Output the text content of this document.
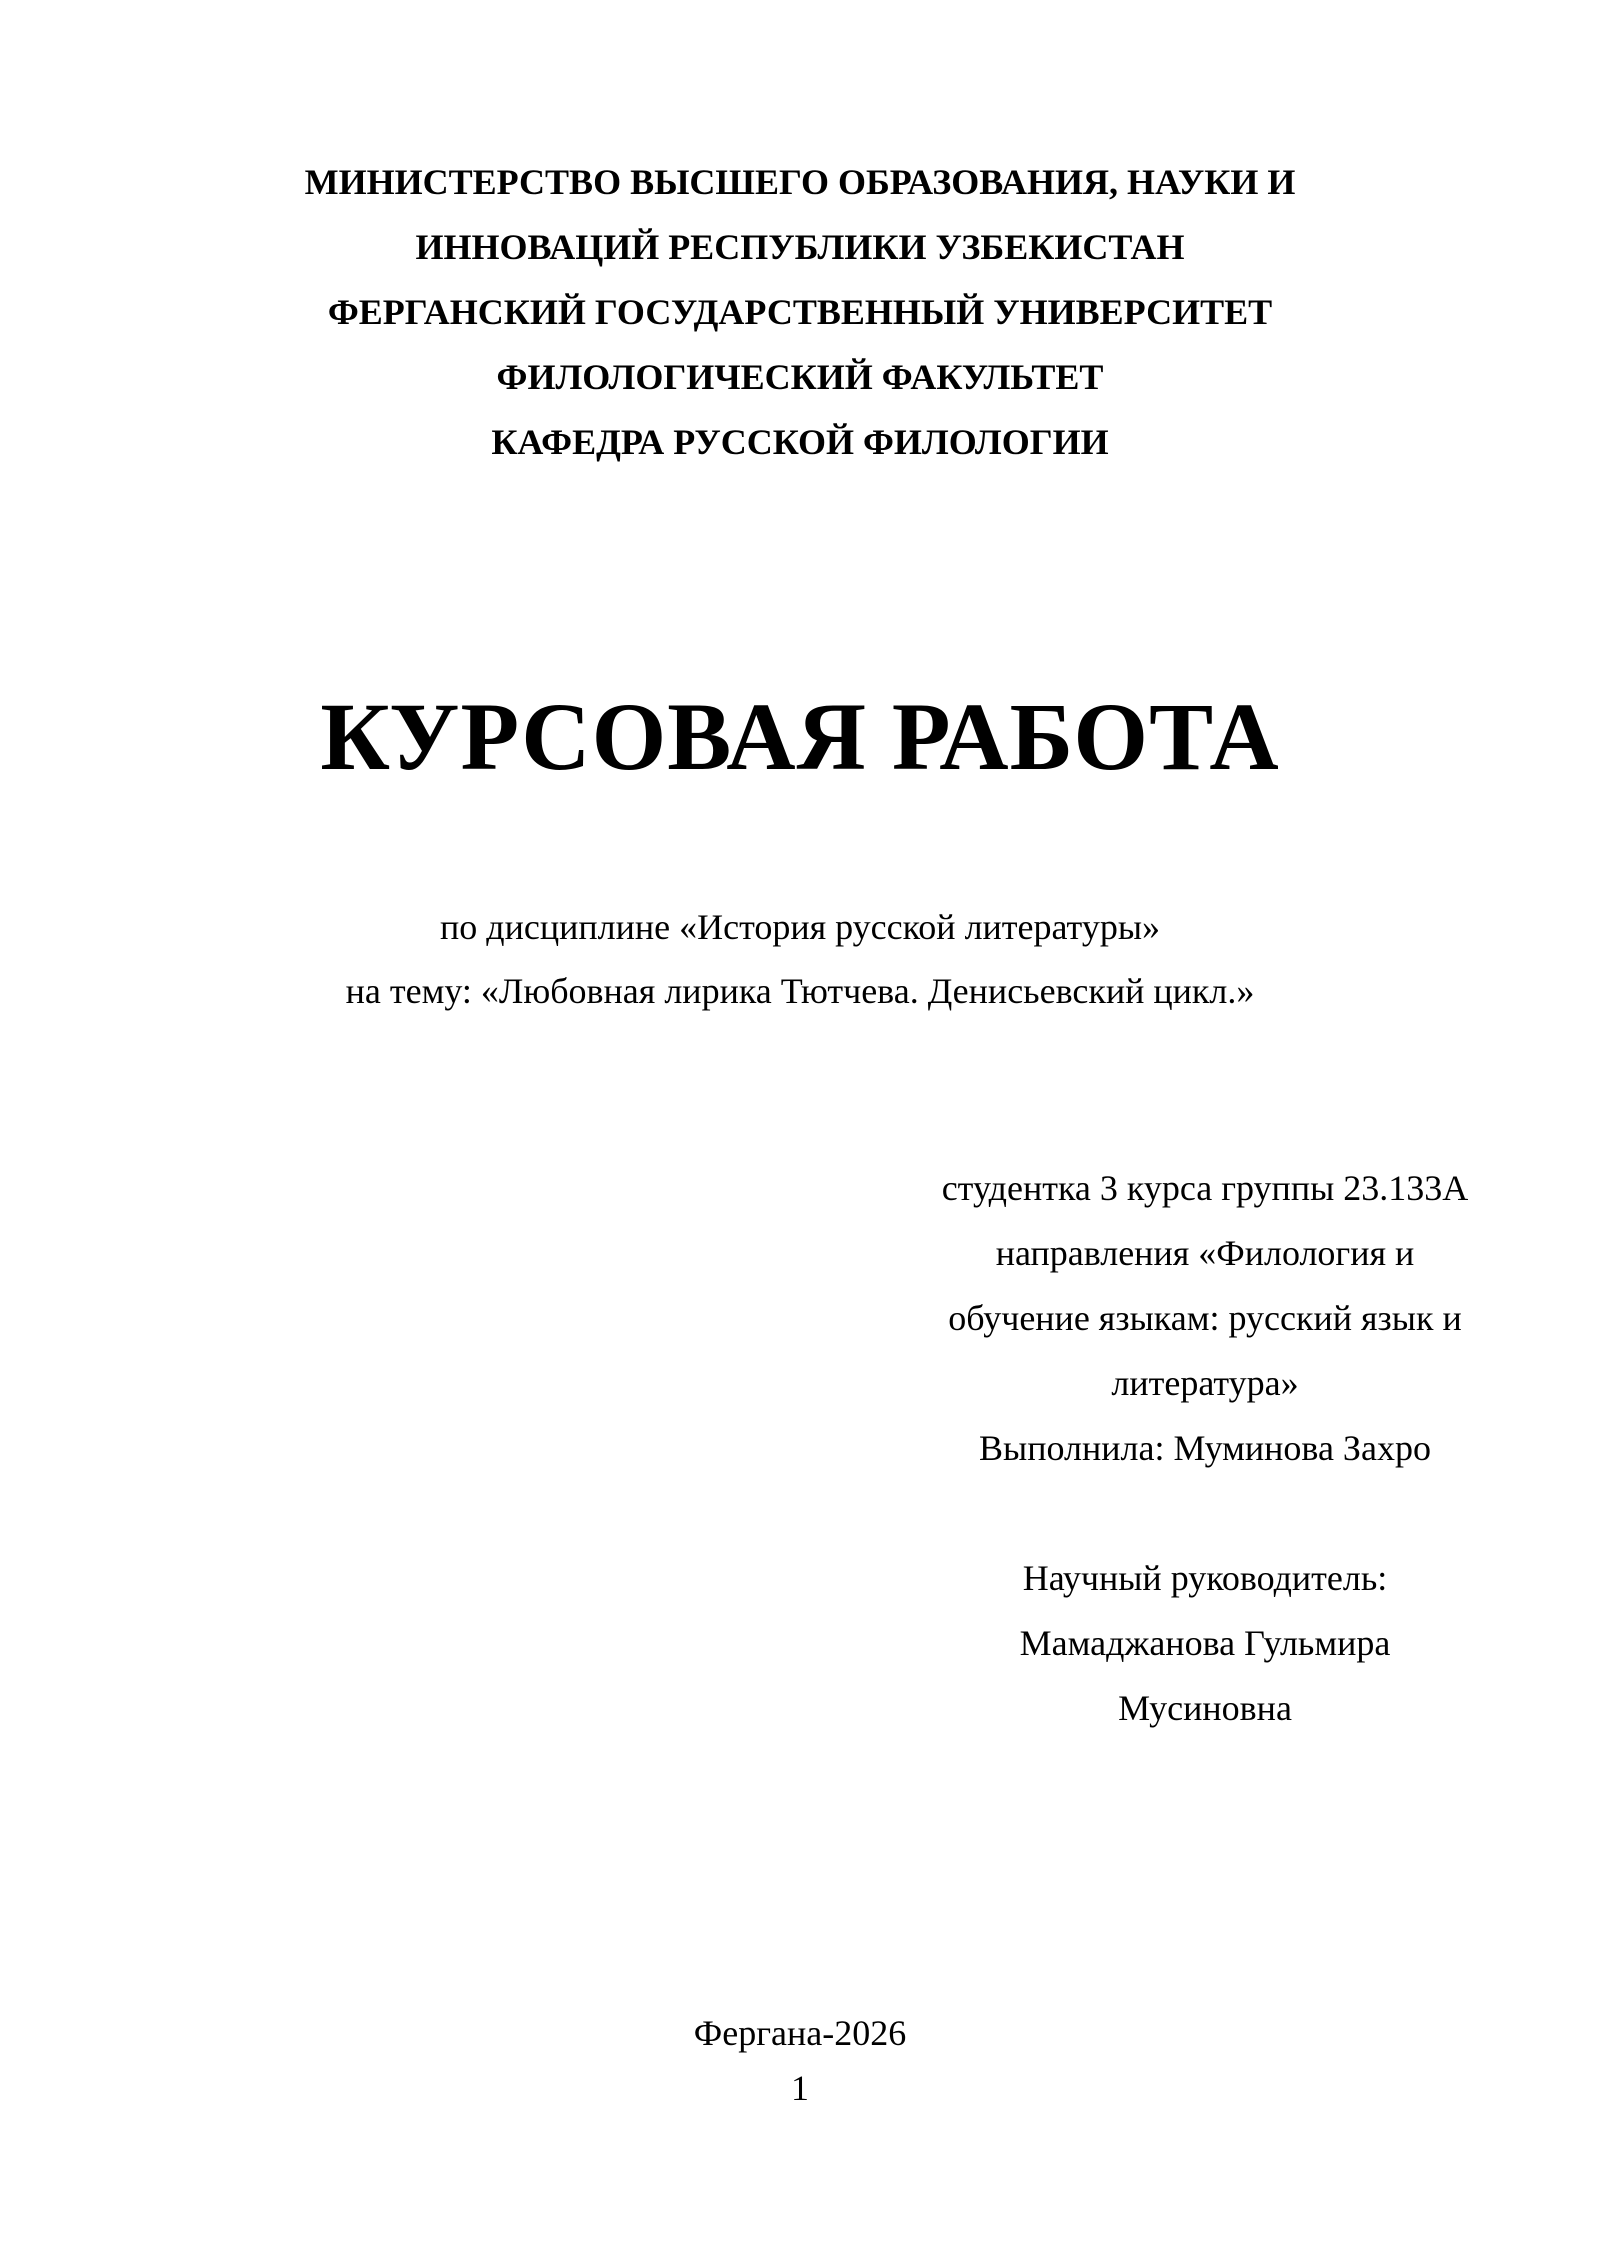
МИНИСТЕРСТВО ВЫСШЕГО ОБРАЗОВАНИЯ, НАУКИ И
ИННОВАЦИЙ РЕСПУБЛИКИ УЗБЕКИСТАН
ФЕРГАНСКИЙ ГОСУДАРСТВЕННЫЙ УНИВЕРСИТЕТ
ФИЛОЛОГИЧЕСКИЙ ФАКУЛЬТЕТ
КАФЕДРА РУССКОЙ ФИЛОЛОГИИ
КУРСОВАЯ РАБОТА
по дисциплине «История русской литературы»
на тему: «Любовная лирика Тютчева. Денисьевский цикл.»
студентка 3 курса группы 23.133А
направления «Филология и
обучение языкам: русский язык и
литература»
Выполнила: Муминова Захро
Научный руководитель:
Мамаджанова Гульмира
Мусиновна
Фергана-2026
1
